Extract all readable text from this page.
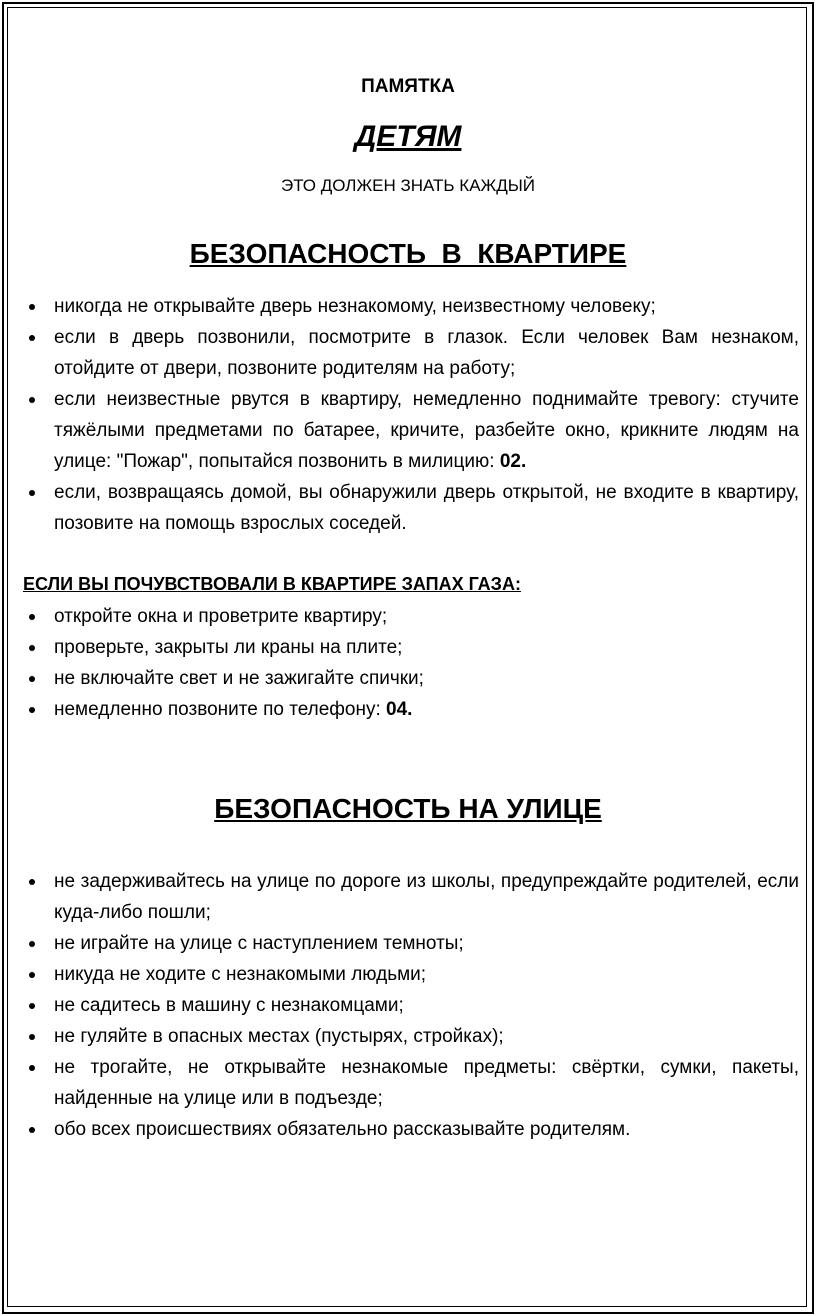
ПАМЯТКА
ДЕТЯМ
ЭТО ДОЛЖЕН ЗНАТЬ КАЖДЫЙ
БЕЗОПАСНОСТЬ  В  КВАРТИРЕ
никогда не открывайте дверь незнакомому, неизвестному человеку;
если в дверь позвонили, посмотрите в глазок. Если человек Вам незнаком, отойдите от двери, позвоните родителям на работу;
если неизвестные рвутся в квартиру, немедленно поднимайте тревогу: стучите тяжёлыми предметами по батарее, кричите, разбейте окно, крикните людям на улице: "Пожар", попытайся позвонить в милицию: 02.
если, возвращаясь домой, вы обнаружили дверь открытой, не входите в квартиру, позовите на помощь взрослых соседей.
ЕСЛИ ВЫ ПОЧУВСТВОВАЛИ В КВАРТИРЕ ЗАПАХ ГАЗА:
откройте окна и проветрите квартиру;
проверьте, закрыты ли краны на плите;
не включайте свет и не зажигайте спички;
немедленно позвоните по телефону: 04.
БЕЗОПАСНОСТЬ НА УЛИЦЕ
не задерживайтесь на улице по дороге из школы, предупреждайте родителей, если куда-либо пошли;
не играйте на улице с наступлением темноты;
никуда не ходите с незнакомыми людьми;
не садитесь в машину с незнакомцами;
не гуляйте в опасных местах (пустырях, стройках);
не трогайте, не открывайте незнакомые предметы: свёртки, сумки, пакеты, найденные на улице или в подъезде;
обо всех происшествиях обязательно рассказывайте родителям.
